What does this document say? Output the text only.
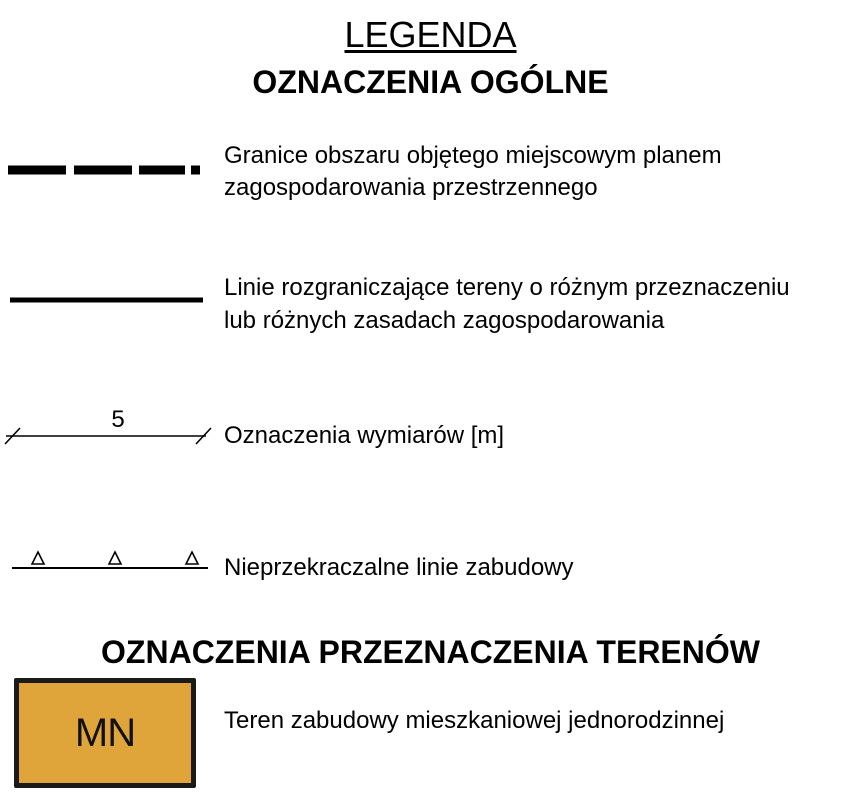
LEGENDA
OZNACZENIA OGÓLNE
Granice obszaru objętego miejscowym planem
zagospodarowania przestrzennego
Linie rozgraniczające tereny o różnym przeznaczeniu
lub różnych zasadach zagospodarowania
5
Oznaczenia wymiarów [m]
Nieprzekraczalne linie zabudowy
OZNACZENIA PRZEZNACZENIA TERENÓW
MN	Teren zabudowy mieszkaniowej jednorodzinnej
